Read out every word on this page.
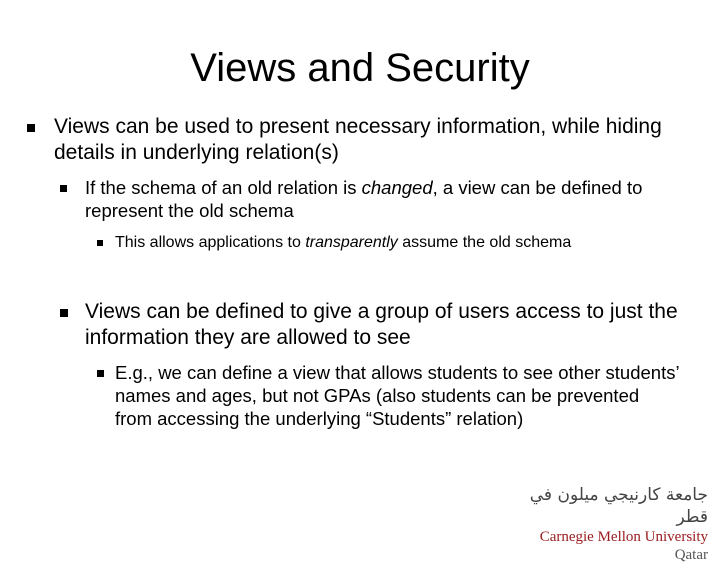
Views and Security
Views can be used to present necessary information, while hiding details in underlying relation(s)
If the schema of an old relation is changed, a view can be defined to represent the old schema
This allows applications to transparently assume the old schema
Views can be defined to give a group of users access to just the information they are allowed to see
E.g., we can define a view that allows students to see other students’ names and ages, but not GPAs (also students can be prevented from accessing the underlying “Students” relation)
جامعة كارنيجي ميلون في قطر
Carnegie Mellon University Qatar
